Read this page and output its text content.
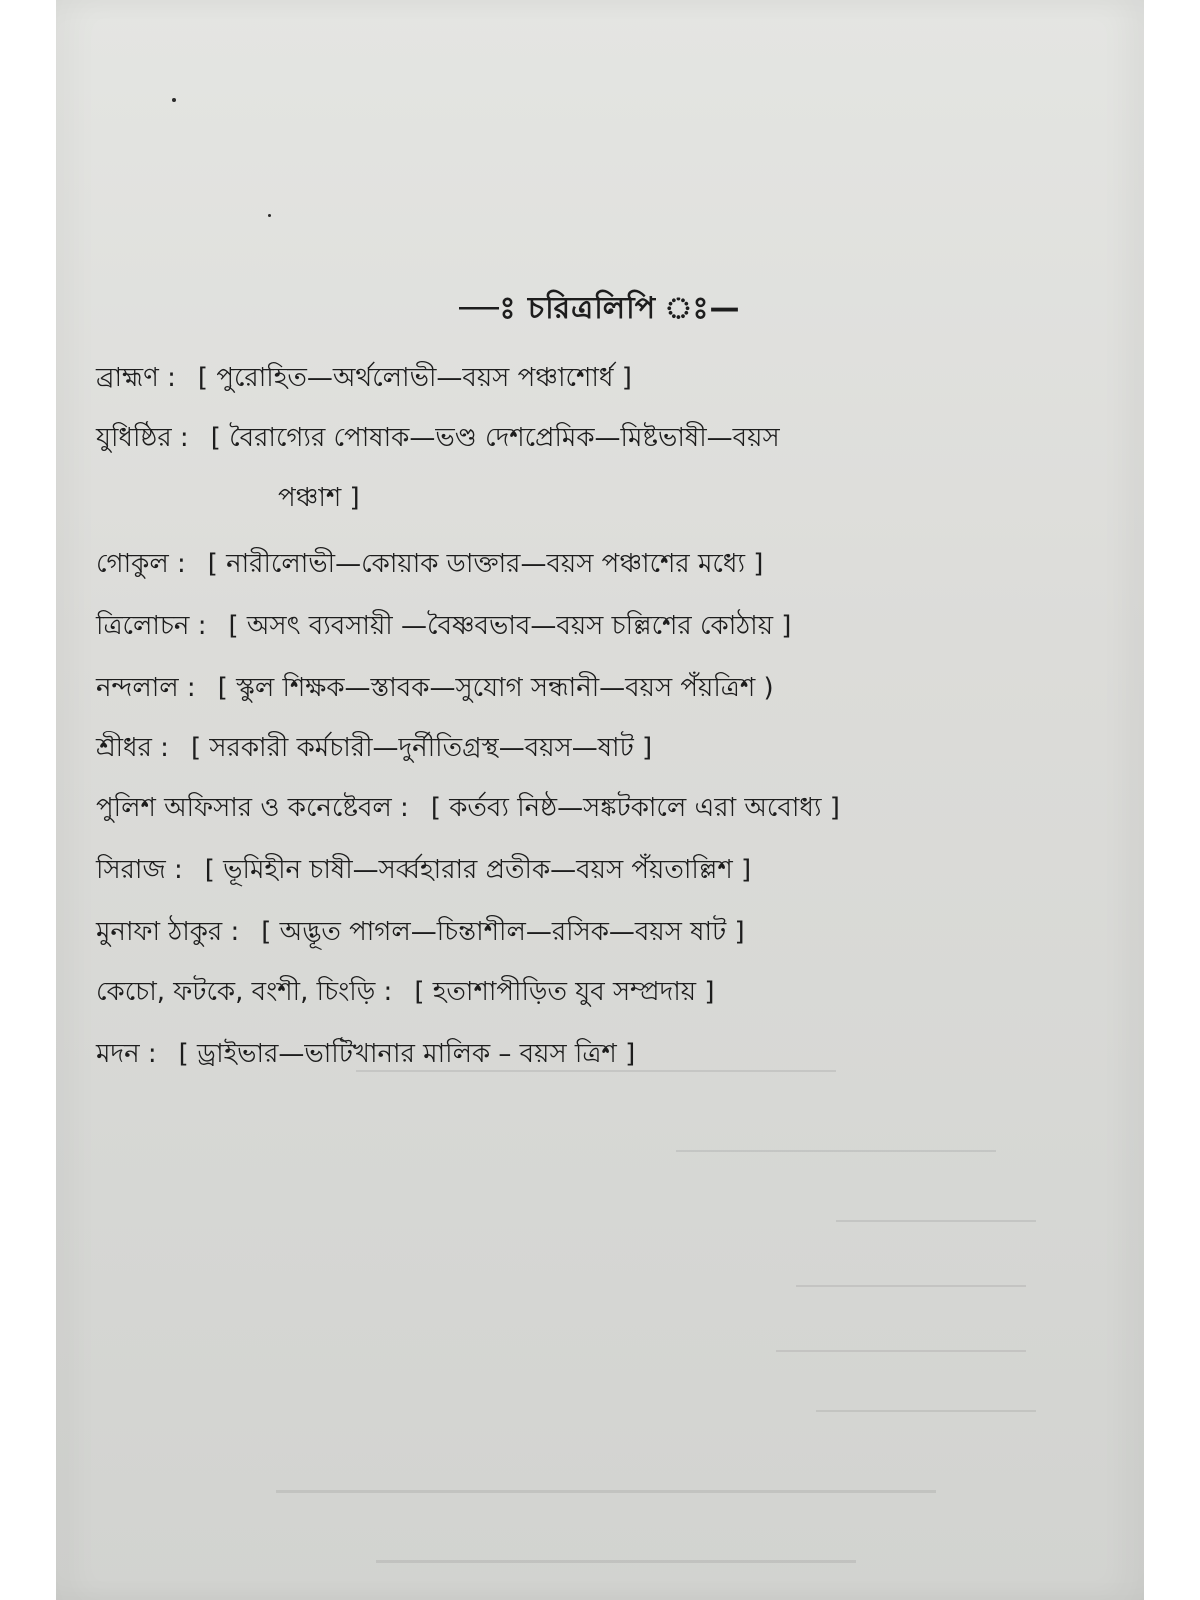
—ঃ চরিত্রলিপি ঃ—
ব্রাহ্মণ : [ পুরোহিত—অর্থলোভী—বয়স পঞ্চাশোর্ধ ]
যুধিষ্ঠির : [ বৈরাগ্যের পোষাক—ভণ্ড দেশপ্রেমিক—মিষ্টভাষী—বয়স
পঞ্চাশ ]
গোকুল : [ নারীলোভী—কোয়াক ডাক্তার—বয়স পঞ্চাশের মধ্যে ]
ত্রিলোচন : [ অসৎ ব্যবসায়ী —বৈষ্ণবভাব—বয়স চল্লিশের কোঠায় ]
নন্দলাল : [ স্কুল শিক্ষক—স্তাবক—সুযোগ সন্ধানী—বয়স পঁয়ত্রিশ )
শ্রীধর : [ সরকারী কর্মচারী—দুর্নীতিগ্রস্থ—বয়স—ষাট ]
পুলিশ অফিসার ও কনেষ্টেবল : [ কর্তব্য নিষ্ঠ—সঙ্কটকালে এরা অবোধ্য ]
সিরাজ : [ ভূমিহীন চাষী—সর্ব্বহারার প্রতীক—বয়স পঁয়তাল্লিশ ]
মুনাফা ঠাকুর : [ অদ্ভূত পাগল—চিন্তাশীল—রসিক—বয়স ষাট ]
কেচো, ফটকে, বংশী, চিংড়ি : [ হতাশাপীড়িত যুব সম্প্রদায় ]
মদন : [ ড্রাইভার—ভাটিখানার মালিক – বয়স ত্রিশ ]
